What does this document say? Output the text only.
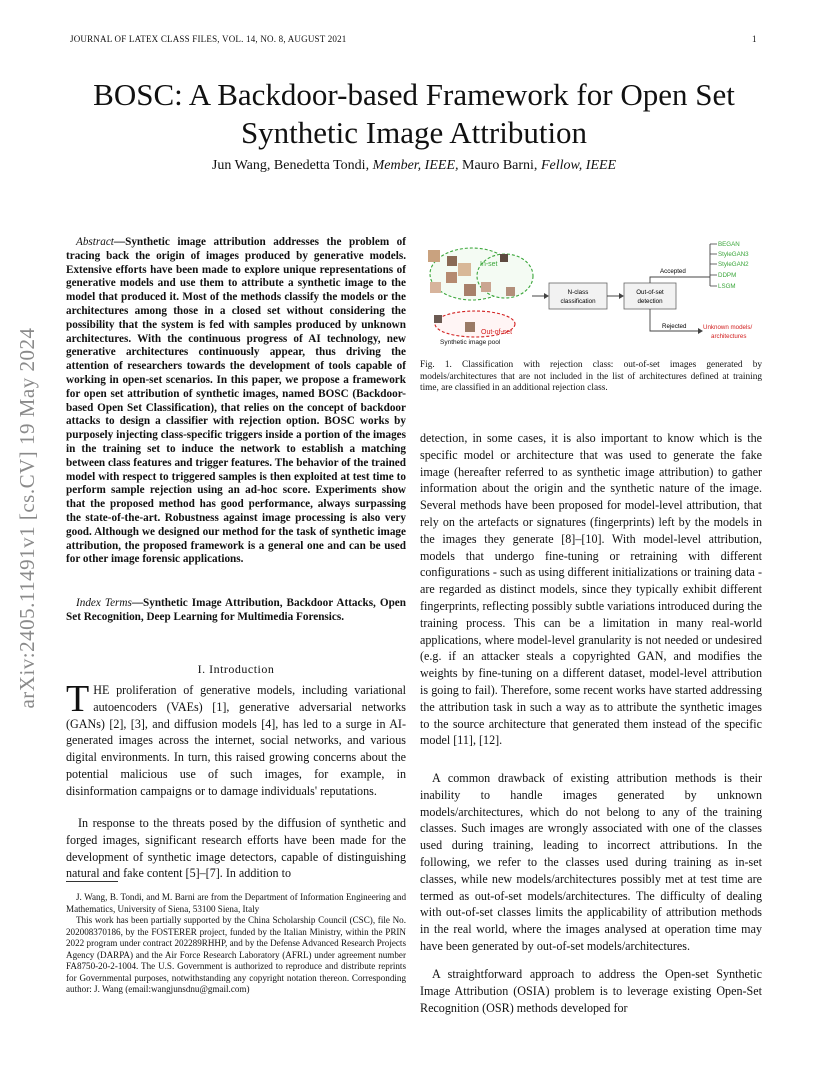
JOURNAL OF LATEX CLASS FILES, VOL. 14, NO. 8, AUGUST 2021	1
BOSC: A Backdoor-based Framework for Open Set
Synthetic Image Attribution
Jun Wang, Benedetta Tondi, Member, IEEE, Mauro Barni, Fellow, IEEE
arXiv:2405.11491v1 [cs.CV] 19 May 2024
Abstract—Synthetic image attribution addresses the problem of tracing back the origin of images produced by generative models. Extensive efforts have been made to explore unique representations of generative models and use them to attribute a synthetic image to the model that produced it. Most of the methods classify the models or the architectures among those in a closed set without considering the possibility that the system is fed with samples produced by unknown architectures. With the continuous progress of AI technology, new generative architectures continuously appear, thus driving the attention of researchers towards the development of tools capable of working in open-set scenarios. In this paper, we propose a framework for open set attribution of synthetic images, named BOSC (Backdoor-based Open Set Classification), that relies on the concept of backdoor attacks to design a classifier with rejection option. BOSC works by purposely injecting class-specific triggers inside a portion of the images in the training set to induce the network to establish a matching between class features and trigger features. The behavior of the trained model with respect to triggered samples is then exploited at test time to perform sample rejection using an ad-hoc score. Experiments show that the proposed method has good performance, always surpassing the state-of-the-art. Robustness against image processing is also very good. Although we designed our method for the task of synthetic image attribution, the proposed framework is a general one and can be used for other image forensic applications.
Index Terms—Synthetic Image Attribution, Backdoor Attacks, Open Set Recognition, Deep Learning for Multimedia Forensics.
I. Introduction
THE proliferation of generative models, including variational autoencoders (VAEs) [1], generative adversarial networks (GANs) [2], [3], and diffusion models [4], has led to a surge in AI-generated images across the internet, social networks, and various digital environments. In turn, this raised growing concerns about the potential malicious use of such images, for example, in disinformation campaigns or to damage individuals' reputations.
In response to the threats posed by the diffusion of synthetic and forged images, significant research efforts have been made for the development of synthetic image detectors, capable of distinguishing natural and fake content [5]–[7]. In addition to

J. Wang, B. Tondi, and M. Barni are from the Department of Information Engineering and Mathematics, University of Siena, 53100 Siena, Italy

This work has been partially supported by the China Scholarship Council (CSC), file No. 202008370186, by the FOSTERER project, funded by the Italian Ministry, within the PRIN 2022 program under contract 202289RHHP, and by the Defense Advanced Research Projects Agency (DARPA) and the Air Force Research Laboratory (AFRL) under agreement number FA8750-20-2-1004. The U.S. Government is authorized to reproduce and distribute reprints for Governmental purposes, notwithstanding any copyright notation thereon. Corresponding author: J. Wang (email:wangjunsdnu@gmail.com)

In-set
Out-of-set
Synthetic image pool
N-class
classification
Out-of-set
detection
Accepted
BEGAN
StyleGAN3
StyleGAN2
DDPM
LSGM
Rejected	Unknown models/
architectures
Fig. 1. Classification with rejection class: out-of-set images generated by models/architectures that are not included in the list of architectures defined at training time, are classified in an additional rejection class.
detection, in some cases, it is also important to know which is the specific model or architecture that was used to generate the fake image (hereafter referred to as synthetic image attribution) to gather information about the origin and the synthetic nature of the image. Several methods have been proposed for model-level attribution, that rely on the artefacts or signatures (fingerprints) left by the models in the images they generate [8]–[10]. With model-level attribution, models that undergo fine-tuning or retraining with different configurations - such as using different initializations or training data - are regarded as distinct models, since they typically exhibit different fingerprints, reflecting possibly subtle variations introduced during the training process. This can be a limitation in many real-world applications, where model-level granularity is not needed or undesired (e.g. if an attacker steals a copyrighted GAN, and modifies the weights by fine-tuning on a different dataset, model-level attribution is going to fail). Therefore, some recent works have started addressing the attribution task in such a way as to attribute the synthetic images to the source architecture that generated them instead of the specific model [11], [12].
A common drawback of existing attribution methods is their inability to handle images generated by unknown models/architectures, which do not belong to any of the training classes. Such images are wrongly associated with one of the classes used during training, leading to incorrect attributions. In the following, we refer to the classes used during training as in-set classes, while new models/architectures possibly met at test time are termed as out-of-set models/architectures. The difficulty of dealing with out-of-set classes limits the applicability of attribution methods in the real world, where the images analysed at operation time may have been generated by out-of-set models/architectures.
A straightforward approach to address the Open-set Synthetic Image Attribution (OSIA) problem is to leverage existing Open-Set Recognition (OSR) methods developed for
